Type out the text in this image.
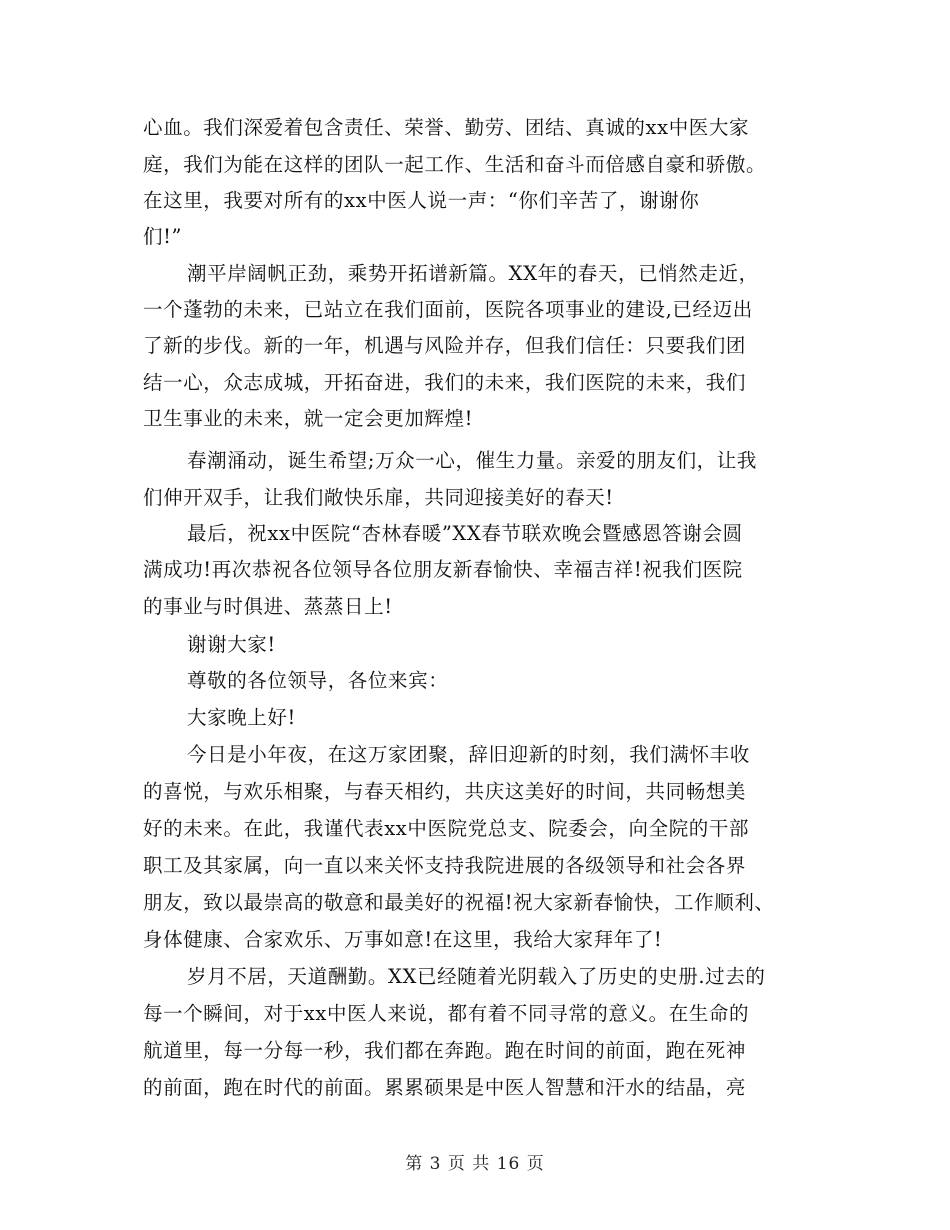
心血。我们深爱着包含责任、荣誉、勤劳、团结、真诚的xx中医大家
庭，我们为能在这样的团队一起工作、生活和奋斗而倍感自豪和骄傲。
在这里，我要对所有的xx中医人说一声：“你们辛苦了，谢谢你
们!”
潮平岸阔帆正劲，乘势开拓谱新篇。XX年的春天，已悄然走近，
一个蓬勃的未来，已站立在我们面前，医院各项事业的建设,已经迈出
了新的步伐。新的一年，机遇与风险并存，但我们信任：只要我们团
结一心，众志成城，开拓奋进，我们的未来，我们医院的未来，我们
卫生事业的未来，就一定会更加辉煌!
春潮涌动，诞生希望;万众一心，催生力量。亲爱的朋友们，让我
们伸开双手，让我们敞快乐扉，共同迎接美好的春天!
最后，祝xx中医院“杏林春暖”XX春节联欢晚会暨感恩答谢会圆
满成功!再次恭祝各位领导各位朋友新春愉快、幸福吉祥!祝我们医院
的事业与时俱进、蒸蒸日上!
谢谢大家!
尊敬的各位领导，各位来宾：
大家晚上好!
今日是小年夜，在这万家团聚，辞旧迎新的时刻，我们满怀丰收
的喜悦，与欢乐相聚，与春天相约，共庆这美好的时间，共同畅想美
好的未来。在此，我谨代表xx中医院党总支、院委会，向全院的干部
职工及其家属，向一直以来关怀支持我院进展的各级领导和社会各界
朋友，致以最崇高的敬意和最美好的祝福!祝大家新春愉快，工作顺利、
身体健康、合家欢乐、万事如意!在这里，我给大家拜年了!
岁月不居，天道酬勤。XX已经随着光阴载入了历史的史册.过去的
每一个瞬间，对于xx中医人来说，都有着不同寻常的意义。在生命的
航道里，每一分每一秒，我们都在奔跑。跑在时间的前面，跑在死神
的前面，跑在时代的前面。累累硕果是中医人智慧和汗水的结晶，亮
第 3 页 共 16 页
